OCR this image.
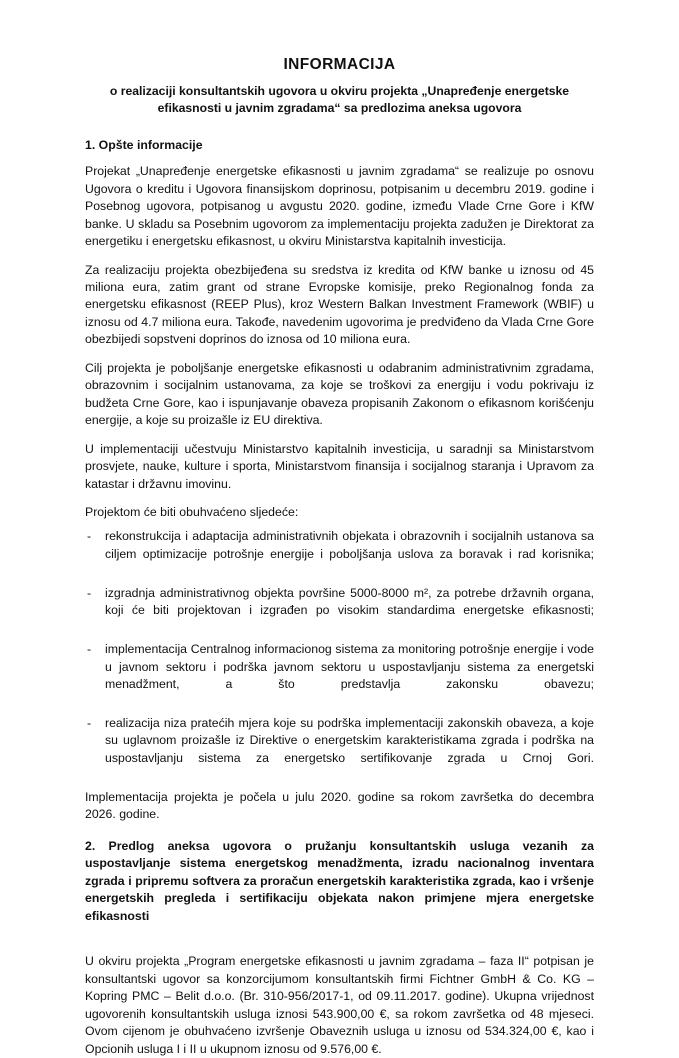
INFORMACIJA
o realizaciji konsultantskih ugovora u okviru projekta „Unapređenje energetske efikasnosti u javnim zgradama“ sa predlozima aneksa ugovora
1. Opšte informacije

Projekat „Unapređenje energetske efikasnosti u javnim zgradama“ se realizuje po osnovu Ugovora o kreditu i Ugovora finansijskom doprinosu, potpisanim u decembru 2019. godine i Posebnog ugovora, potpisanog u avgustu 2020. godine, između Vlade Crne Gore i KfW banke. U skladu sa Posebnim ugovorom za implementaciju projekta zadužen je Direktorat za energetiku i energetsku efikasnost, u okviru Ministarstva kapitalnih investicija.

Za realizaciju projekta obezbijeđena su sredstva iz kredita od KfW banke u iznosu od 45 miliona eura, zatim grant od strane Evropske komisije, preko Regionalnog fonda za energetsku efikasnost (REEP Plus), kroz Western Balkan Investment Framework (WBIF) u iznosu od 4.7 miliona eura. Takođe, navedenim ugovorima je predviđeno da Vlada Crne Gore obezbijedi sopstveni doprinos do iznosa od 10 miliona eura.

Cilj projekta je poboljšanje energetske efikasnosti u odabranim administrativnim zgradama, obrazovnim i socijalnim ustanovama, za koje se troškovi za energiju i vodu pokrivaju iz budžeta Crne Gore, kao i ispunjavanje obaveza propisanih Zakonom o efikasnom korišćenju energije, a koje su proizašle iz EU direktiva.

U implementaciji učestvuju Ministarstvo kapitalnih investicija, u saradnji sa Ministarstvom prosvjete, nauke, kulture i sporta, Ministarstvom finansija i socijalnog staranja i Upravom za katastar i državnu imovinu.

Projektom će biti obuhvaćeno sljedeće:

- rekonstrukcija i adaptacija administrativnih objekata i obrazovnih i socijalnih ustanova sa ciljem optimizacije potrošnje energije i poboljšanja uslova za boravak i rad korisnika;
- izgradnja administrativnog objekta površine 5000-8000 m², za potrebe državnih organa, koji će biti projektovan i izgrađen po visokim standardima energetske efikasnosti;
- implementacija Centralnog informacionog sistema za monitoring potrošnje energije i vode u javnom sektoru i podrška javnom sektoru u uspostavljanju sistema za energetski menadžment, a što predstavlja zakonsku obavezu;
- realizacija niza pratećih mjera koje su podrška implementaciji zakonskih obaveza, a koje su uglavnom proizašle iz Direktive o energetskim karakteristikama zgrada i podrška na uspostavljanju sistema za energetsko sertifikovanje zgrada u Crnoj Gori.

Implementacija projekta je počela u julu 2020. godine sa rokom završetka do decembra 2026. godine.

2. Predlog aneksa ugovora o pružanju konsultantskih usluga vezanih za uspostavljanje sistema energetskog menadžmenta, izradu nacionalnog inventara zgrada i pripremu softvera za proračun energetskih karakteristika zgrada, kao i vršenje energetskih pregleda i sertifikaciju objekata nakon primjene mjera energetske efikasnosti

U okviru projekta „Program energetske efikasnosti u javnim zgradama – faza II“ potpisan je konsultantski ugovor sa konzorcijumom konsultantskih firmi Fichtner GmbH & Co. KG – Kopring PMC – Belit d.o.o. (Br. 310-956/2017-1, od 09.11.2017. godine). Ukupna vrijednost ugovorenih konsultantskih usluga iznosi 543.900,00 €, sa rokom završetka od 48 mjeseci. Ovom cijenom je obuhvaćeno izvršenje Obaveznih usluga u iznosu od 534.324,00 €, kao i Opcionih usluga I i II u ukupnom iznosu od 9.576,00 €.
